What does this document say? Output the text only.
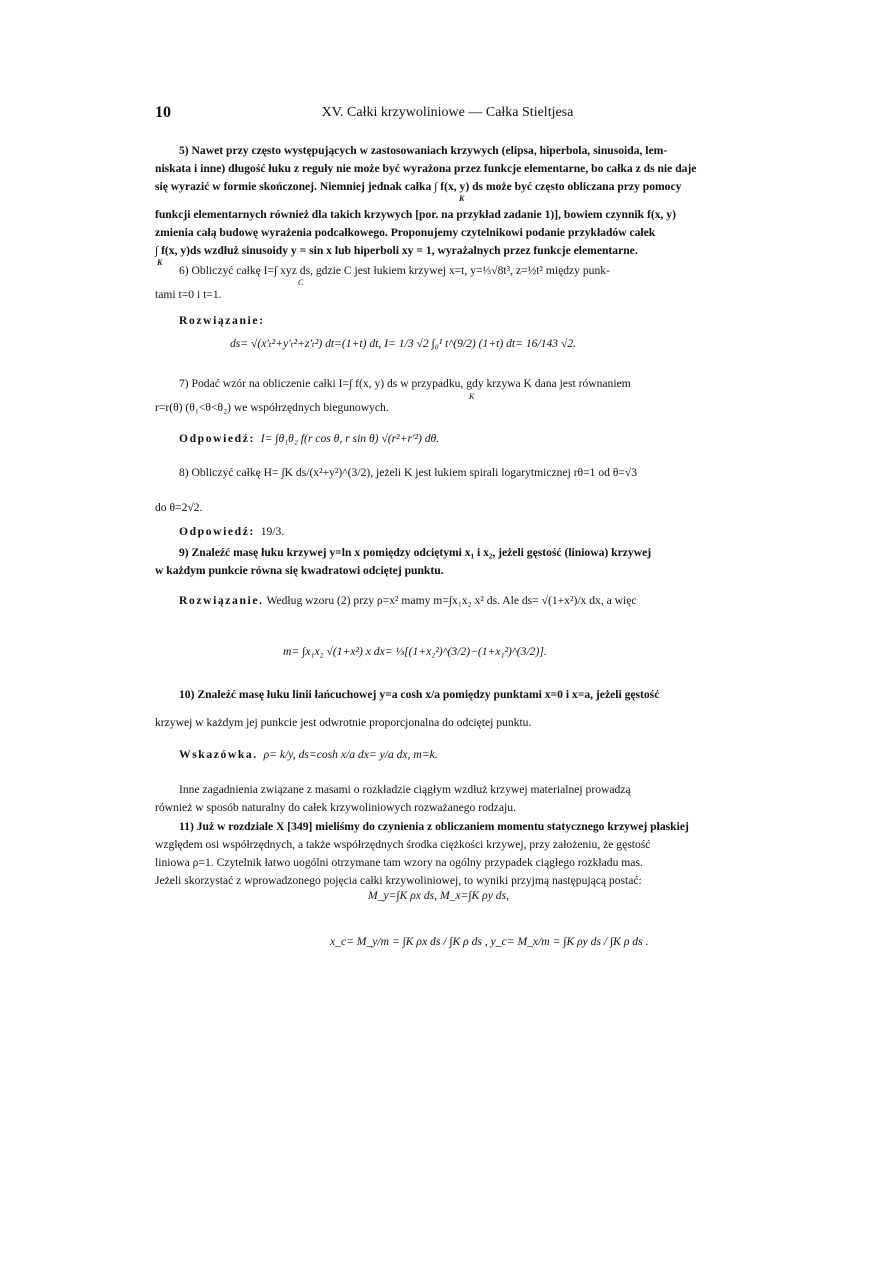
10	XV. Całki krzywoliniowe — Całka Stieltjesa
5) Nawet przy często występujących w zastosowaniach krzywych (elipsa, hiperbola, sinusoida, lem-
niskata i inne) długość łuku z reguły nie może być wyrażona przez funkcje elementarne, bo całka z ds nie daje
się wyrazić w formie skończonej. Niemniej jednak całka ∫ f(x, y) ds może być często obliczana przy pomocy
K
funkcji elementarnych również dla takich krzywych [por. na przykład zadanie 1)], bowiem czynnik f(x, y)
zmienia całą budowę wyrażenia podcałkowego. Proponujemy czytelnikowi podanie przykładów całek
∫ f(x, y)ds wzdłuż sinusoidy y = sin x lub hiperboli xy = 1, wyrażalnych przez funkcje elementarne.
K
6) Obliczyć całkę I=∫ xyz ds, gdzie C jest łukiem krzywej x=t, y=⅓√8t³, z=½t² między punk-
C
tami t=0 i t=1.
Rozwiązanie:
ds= √(x′ₜ²+y′ₜ²+z′ₜ²) dt=(1+t) dt, I= 1/3 √2 ∫₀¹ t^(9/2) (1+t) dt= 16/143 √2.
7) Podać wzór na obliczenie całki I=∫ f(x, y) ds w przypadku, gdy krzywa K dana jest równaniem
K
r=r(θ) (θ₁<θ<θ₂) we współrzędnych biegunowych.
Odpowiedź: I= ∫θ₁θ₂ f(r cos θ, r sin θ) √(r²+r′²) dθ.
8) Obliczyć całkę H= ∫K ds/(x²+y²)^(3/2), jeżeli K jest łukiem spirali logarytmicznej rθ=1 od θ=√3
do θ=2√2.
Odpowiedź: 19/3.
9) Znaleźć masę łuku krzywej y=ln x pomiędzy odciętymi x₁ i x₂, jeżeli gęstość (liniowa) krzywej
w każdym punkcie równa się kwadratowi odciętej punktu.
Rozwiązanie. Według wzoru (2) przy ρ=x² mamy m=∫x₁x₂ x² ds. Ale ds= √(1+x²)/x dx, a więc
m= ∫x₁x₂ √(1+x²) x dx= ⅓[(1+x₂²)^(3/2)−(1+x₁²)^(3/2)].
10) Znaleźć masę łuku linii łańcuchowej y=a cosh x/a pomiędzy punktami x=0 i x=a, jeżeli gęstość
krzywej w każdym jej punkcie jest odwrotnie proporcjonalna do odciętej punktu.
Wskazówka. ρ= k/y, ds=cosh x/a dx= y/a dx, m=k.
Inne zagadnienia związane z masami o rozkładzie ciągłym wzdłuż krzywej materialnej prowadzą
również w sposób naturalny do całek krzywoliniowych rozważanego rodzaju.
11) Już w rozdziale X [349] mieliśmy do czynienia z obliczaniem momentu statycznego krzywej płaskiej
względem osi współrzędnych, a także współrzędnych środka ciężkości krzywej, przy założeniu, że gęstość
liniowa ρ=1. Czytelnik łatwo uogólni otrzymane tam wzory na ogólny przypadek ciągłego rozkładu mas.
Jeżeli skorzystać z wprowadzonego pojęcia całki krzywoliniowej, to wyniki przyjmą następującą postać:
M_y=∫K ρx ds, M_x=∫K ρy ds,
x_c= M_y/m = ∫K ρx ds / ∫K ρ ds , y_c= M_x/m = ∫K ρy ds / ∫K ρ ds .
